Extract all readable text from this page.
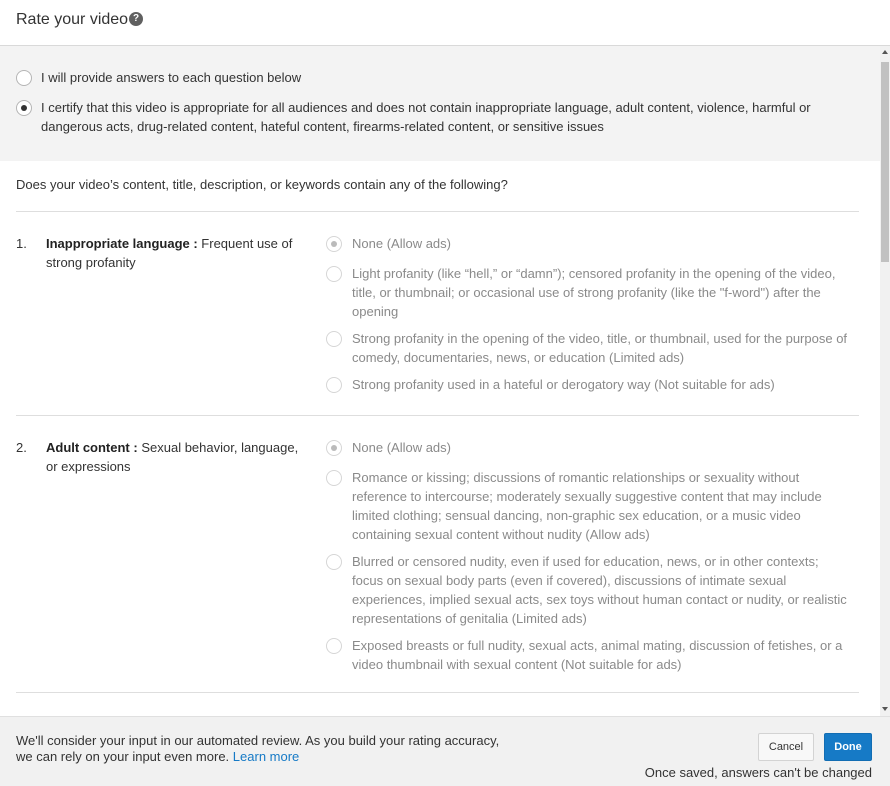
Rate your video ?
I will provide answers to each question below
I certify that this video is appropriate for all audiences and does not contain inappropriate language, adult content, violence, harmful or dangerous acts, drug-related content, hateful content, firearms-related content, or sensitive issues
Does your video’s content, title, description, or keywords contain any of the following?
1. Inappropriate language : Frequent use of strong profanity
None (Allow ads)
Light profanity (like “hell,” or “damn”); censored profanity in the opening of the video, title, or thumbnail; or occasional use of strong profanity (like the "f-word") after the opening
Strong profanity in the opening of the video, title, or thumbnail, used for the purpose of comedy, documentaries, news, or education (Limited ads)
Strong profanity used in a hateful or derogatory way (Not suitable for ads)
2. Adult content : Sexual behavior, language, or expressions
None (Allow ads)
Romance or kissing; discussions of romantic relationships or sexuality without reference to intercourse; moderately sexually suggestive content that may include limited clothing; sensual dancing, non-graphic sex education, or a music video containing sexual content without nudity (Allow ads)
Blurred or censored nudity, even if used for education, news, or in other contexts; focus on sexual body parts (even if covered), discussions of intimate sexual experiences, implied sexual acts, sex toys without human contact or nudity, or realistic representations of genitalia (Limited ads)
Exposed breasts or full nudity, sexual acts, animal mating, discussion of fetishes, or a video thumbnail with sexual content (Not suitable for ads)
We'll consider your input in our automated review. As you build your rating accuracy, we can rely on your input even more. Learn more
Cancel	Done
Once saved, answers can't be changed
